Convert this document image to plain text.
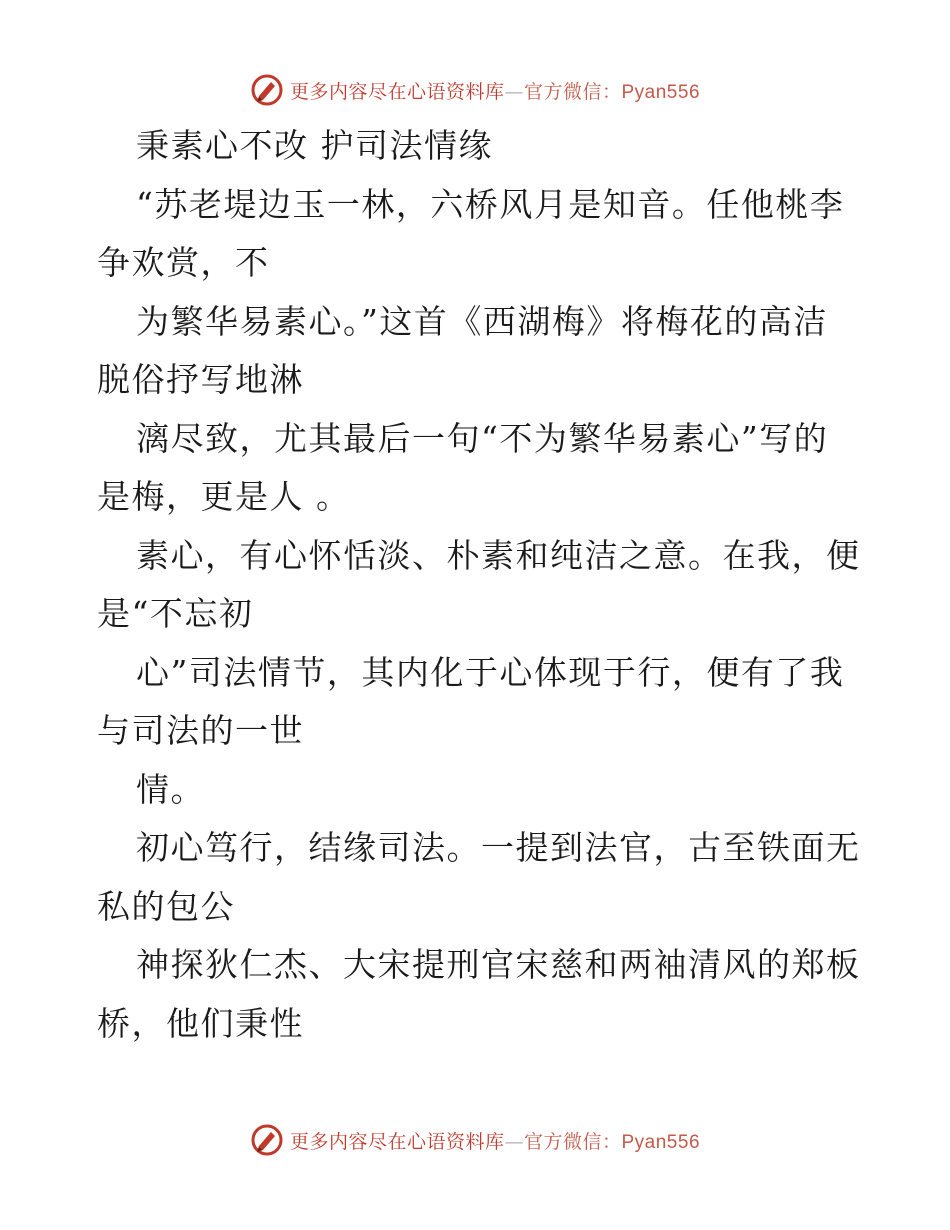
更多内容尽在心语资料库—官方微信：Pyan556
秉素心不改 护司法情缘
“苏老堤边玉一林，六桥风月是知音。任他桃李
争欢赏，不
为繁华易素心。”这首《西湖梅》将梅花的高洁
脱俗抒写地淋
漓尽致，尤其最后一句“不为繁华易素心”写的
是梅，更是人 。
素心，有心怀恬淡、朴素和纯洁之意。在我，便
是“不忘初
心”司法情节，其内化于心体现于行，便有了我
与司法的一世
情。
初心笃行，结缘司法。一提到法官，古至铁面无
私的包公
神探狄仁杰、大宋提刑官宋慈和两袖清风的郑板
桥，他们秉性
更多内容尽在心语资料库—官方微信：Pyan556
